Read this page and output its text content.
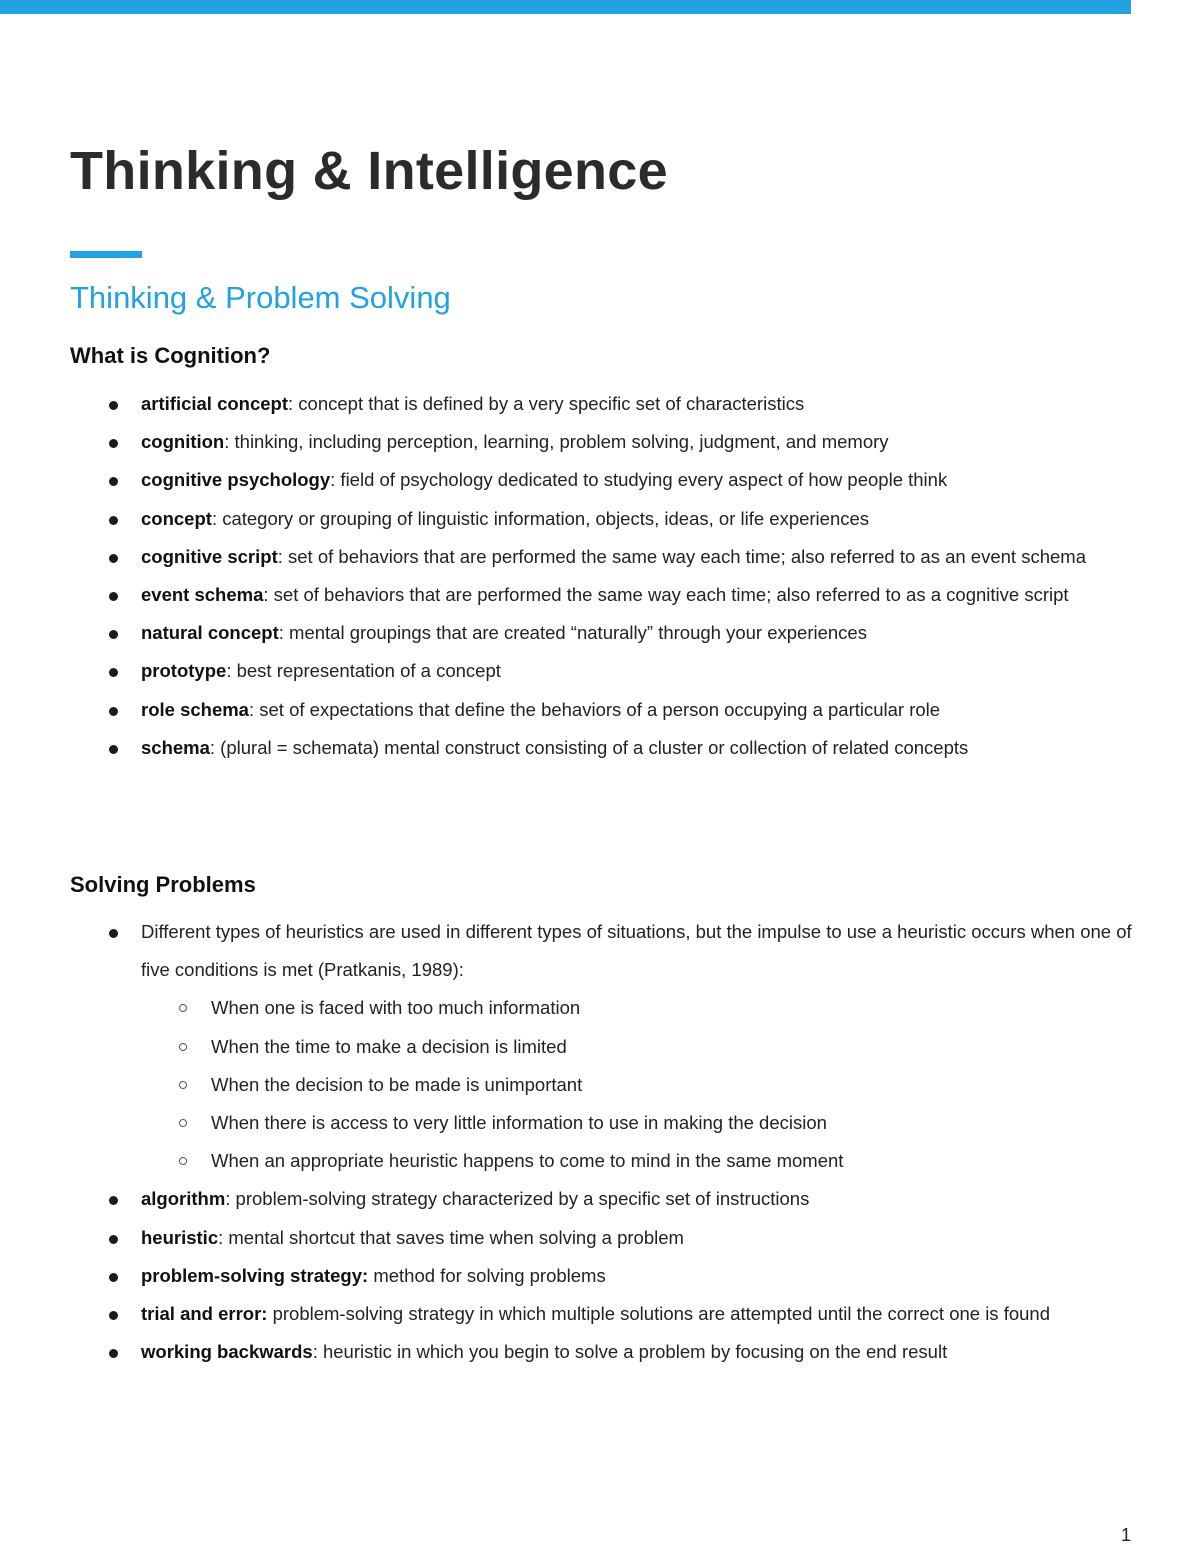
Thinking & Intelligence
Thinking & Problem Solving
What is Cognition?
artificial concept: concept that is defined by a very specific set of characteristics
cognition: thinking, including perception, learning, problem solving, judgment, and memory
cognitive psychology: field of psychology dedicated to studying every aspect of how people think
concept: category or grouping of linguistic information, objects, ideas, or life experiences
cognitive script: set of behaviors that are performed the same way each time; also referred to as an event schema
event schema: set of behaviors that are performed the same way each time; also referred to as a cognitive script
natural concept: mental groupings that are created “naturally” through your experiences
prototype: best representation of a concept
role schema: set of expectations that define the behaviors of a person occupying a particular role
schema: (plural = schemata) mental construct consisting of a cluster or collection of related concepts
Solving Problems
Different types of heuristics are used in different types of situations, but the impulse to use a heuristic occurs when one of five conditions is met (Pratkanis, 1989):
When one is faced with too much information
When the time to make a decision is limited
When the decision to be made is unimportant
When there is access to very little information to use in making the decision
When an appropriate heuristic happens to come to mind in the same moment
algorithm: problem-solving strategy characterized by a specific set of instructions
heuristic: mental shortcut that saves time when solving a problem
problem-solving strategy: method for solving problems
trial and error: problem-solving strategy in which multiple solutions are attempted until the correct one is found
working backwards: heuristic in which you begin to solve a problem by focusing on the end result
1
